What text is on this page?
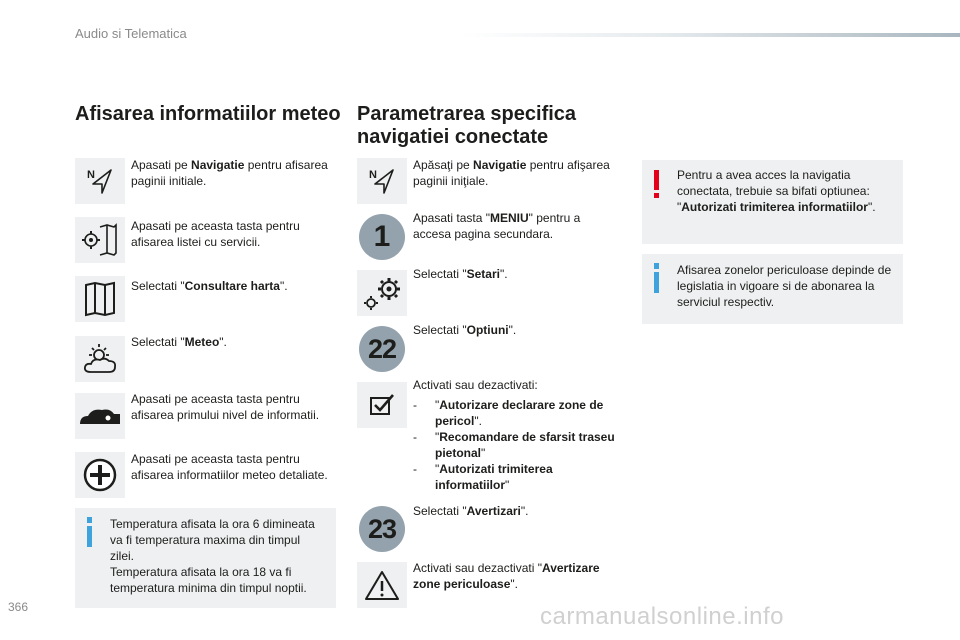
Audio si Telematica
Afisarea informatiilor meteo
N
Apasati pe Navigatie pentru afisarea paginii initiale.
Apasati pe aceasta tasta pentru afisarea listei cu servicii.
Selectati "Consultare harta".
Selectati "Meteo".
Apasati pe aceasta tasta pentru afisarea primului nivel de informatii.
Apasati pe aceasta tasta pentru afisarea informatiilor meteo detaliate.
Temperatura afisata la ora 6 dimineata va fi temperatura maxima din timpul zilei.
Temperatura afisata la ora 18 va fi temperatura minima din timpul noptii.
Parametrarea specifica
navigatiei conectate
N
Apăsaţi pe Navigatie pentru afişarea paginii iniţiale.
1
Apasati tasta "MENIU" pentru a accesa pagina secundara.
Selectati "Setari".
22
Selectati "Optiuni".
Activati sau dezactivati:
-	"Autorizare declarare zone de pericol".
-	"Recomandare de sfarsit traseu pietonal"
-	"Autorizati trimiterea informatiilor"
23
Selectati "Avertizari".
Activati sau dezactivati "Avertizare zone periculoase".
Pentru a avea acces la navigatia conectata, trebuie sa bifati optiunea: "Autorizati trimiterea informatiilor".
Afisarea zonelor periculoase depinde de legislatia in vigoare si de abonarea la serviciul respectiv.
366	carmanualsonline.info
